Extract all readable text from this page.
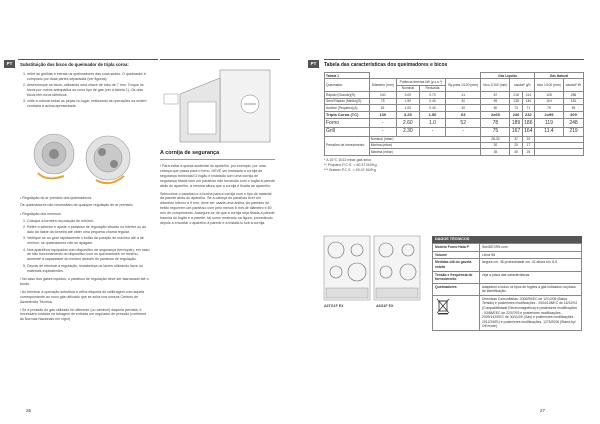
PT	Substituição dos bicos do queimador de tripla coroa:
1. retire as grelhas e extraia os queimadores das suas sedes. O queimador é composto por duas partes separadas (ver figuras);
2. desenrosque os bicos, utilizando uma chave de tubo de 7 mm. Troque os bicos por outros adequados ao novo tipo de gás (ver a tabela 1). Os dois bicos têm furos idênticos.
3. volte a colocar todas as peças no lugar, realizando as operações na ordem contrária à acima apresentada.
• Regulação do ar primário dos queimadores:
Os queimadores não necessitam de qualquer regulação de ar primário.
• Regulação dos mínimos
1. Coloque a torneira na posição de mínimo;
2. Retire o selector e ajuste o parafuso de regulação situado no interior ou ao lado da haste da torneira até obter uma pequena chama regular.
3. Verifique se ao girar rapidamente o botão da posição de máximo até a de mínimo, os queimadores não se apagam.
4. Nos aparelhos equipados com dispositivo de segurança (termopar), em caso de não funcionamento do dispositivo com os queimadores no mínimo, aumente a capacidade do mínimo através do parafuso de regulação.
5. Depois de efectuar a regulação, restabeleça os lacres utilizando lacre ou materiais equivalentes.
! No caso dos gases líquidos, o parafuso de regulação deve ser atarraxado até o fundo.
! Ao terminar a operação substitua a velha etiqueta de calibragem com aquela correspondente ao novo gás utilizado que se acha nos nossos Centros de Assistência Técnica.
! Se a pressão do gás utilizado for diferente (ou variável) daquela prevista, é necessário instalar na tubagem de entrada um regulador de pressão (conforme às Normas Nacionais em vigor).
A cornija de segurança
! Para evitar a queda acidental do aparelho, por exemplo, por uma criança que passa para o forno, DEVE ser instalada a cornija de segurança fornecida! O fogão é instalado com uma cornija de segurança fixada com um parafuso não fornecido com o fogão à parede atrás do aparelho, à mesma altura que a cornija é fixada ao aparelho.
Seleccione o parafuso e a bucha para a cornija com o tipo de material da parede atrás do aparelho. Se a cabeça do parafuso tiver um diâmetro inferior a 9 mm, deve ser usada uma anilha. As paredes de betão requerem um parafuso com pelo menos 8 mm de diâmetro e 60 mm de comprimento. Assegure-se de que a cornija seja fixada à parede traseira do fogão e à parede, tal como mostrado na figura, procedendo depois a encostar o aparelho à parede e a instalá-lo sob a cornija.
26
PT	Tabela das características dos queimadores e bicos
Tabela 1					Gás Líquido			Gás Natural	
Queimador	Diâmetro (mm)	Potência térmica kW (p.c.s.*)		By-pass 1/100 (mm)	bico 1/100 (mm)	caudal* g/h		bico 1/100 (mm)	caudal* l/h
		Nominal	Reduzida						
Rápido (Grande)(R)	100	3.00	0.70	41	87	218	214	128	286
Semi Rápido (Médio)(S)	75	1.90	0.40	30	69	138	136	104	181
Auxiliar (Pequeno)(A)	51	1.00	0.40	30	50	73	71	79	95
Tripla Coroa (TC)	130	3.25	1.50	63	2x65	236	232	2x99	309
Forno	-	2.60	1.0	52	78	189	186	119	248
Grill	-	2.30	-	-	75	167	164	11.4	219
Pressões de fornecimento	Nominal (mbar)				28-30	37	20		
	Mínima (mbar)				20	25	17		
	Máxima (mbar)				35	45	25		
* A 15°C 1013 mbar-gás seco
** Propano P.C.S. = 50.37 MJ/Kg
*** Butano P.C.S. = 49.47 MJ/Kg
A6TG1F EX	A6G1F EX
DADOS TÉCNICOS
Modelo Forno Hata P	Shell2EXR5.com
Volume	Litros 58
Medidas útil do gaveta estufa	largura cm. 46 profundidade cm. 42 altura cm. 8,5
Tensão e frequência de fornecimento	veja a placa das características
Queimadores	adaptável a todos os tipos de fogões a gás indicados na placa de identificação.
	Directivas Comunitárias: 2006/95/EC de 12/12/06 (Baixa Tensão) e posteriores modificações - 2004/108/EC de 15/12/04 (Compatibilidade Electromagnética) e posteriores modificações - 93/68/EEC de 22/07/93 e posteriores modificações - 2009/142/EEC de 30/11/09 (Gás) e posteriores modificações 2012/19/EU e posteriores modificações. 1275/2008 (Stand-by/ Off mode)
27
